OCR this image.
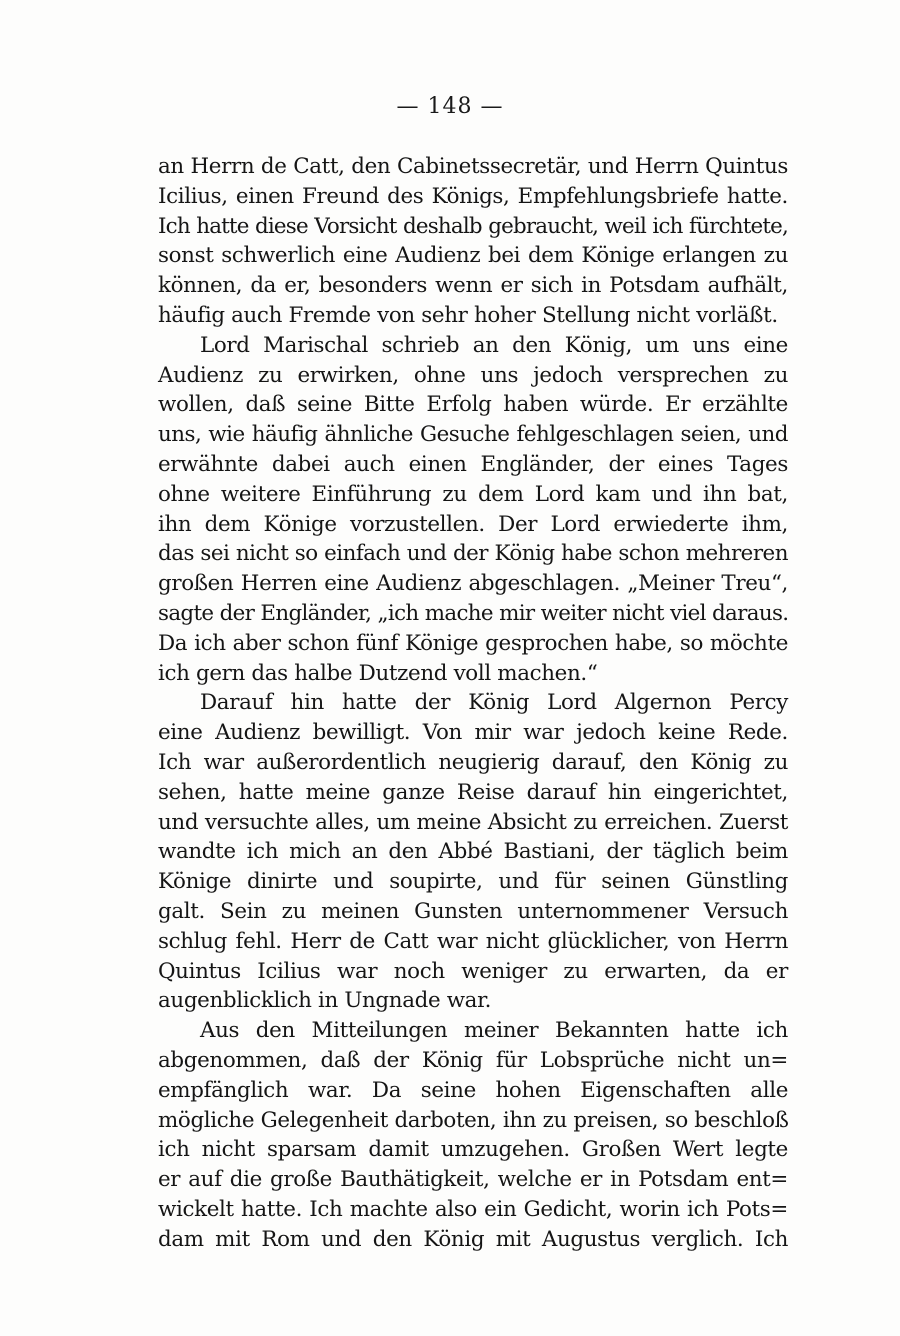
— 148 —
an Herrn de Catt, den Cabinetssecretär, und Herrn Quintus
Icilius, einen Freund des Königs, Empfehlungsbriefe hatte.
Ich hatte diese Vorsicht deshalb gebraucht, weil ich fürchtete,
sonst schwerlich eine Audienz bei dem Könige erlangen zu
können, da er, besonders wenn er sich in Potsdam aufhält,
häufig auch Fremde von sehr hoher Stellung nicht vorläßt.
Lord Marischal schrieb an den König, um uns eine
Audienz zu erwirken, ohne uns jedoch versprechen zu
wollen, daß seine Bitte Erfolg haben würde. Er erzählte
uns, wie häufig ähnliche Gesuche fehlgeschlagen seien, und
erwähnte dabei auch einen Engländer, der eines Tages
ohne weitere Einführung zu dem Lord kam und ihn bat,
ihn dem Könige vorzustellen. Der Lord erwiederte ihm,
das sei nicht so einfach und der König habe schon mehreren
großen Herren eine Audienz abgeschlagen. „Meiner Treu“,
sagte der Engländer, „ich mache mir weiter nicht viel daraus.
Da ich aber schon fünf Könige gesprochen habe, so möchte
ich gern das halbe Dutzend voll machen.“
Darauf hin hatte der König Lord Algernon Percy
eine Audienz bewilligt. Von mir war jedoch keine Rede.
Ich war außerordentlich neugierig darauf, den König zu
sehen, hatte meine ganze Reise darauf hin eingerichtet,
und versuchte alles, um meine Absicht zu erreichen. Zuerst
wandte ich mich an den Abbé Bastiani, der täglich beim
Könige dinirte und soupirte, und für seinen Günstling
galt. Sein zu meinen Gunsten unternommener Versuch
schlug fehl. Herr de Catt war nicht glücklicher, von Herrn
Quintus Icilius war noch weniger zu erwarten, da er
augenblicklich in Ungnade war.
Aus den Mitteilungen meiner Bekannten hatte ich
abgenommen, daß der König für Lobsprüche nicht un=
empfänglich war. Da seine hohen Eigenschaften alle
mögliche Gelegenheit darboten, ihn zu preisen, so beschloß
ich nicht sparsam damit umzugehen. Großen Wert legte
er auf die große Bauthätigkeit, welche er in Potsdam ent=
wickelt hatte. Ich machte also ein Gedicht, worin ich Pots=
dam mit Rom und den König mit Augustus verglich. Ich
